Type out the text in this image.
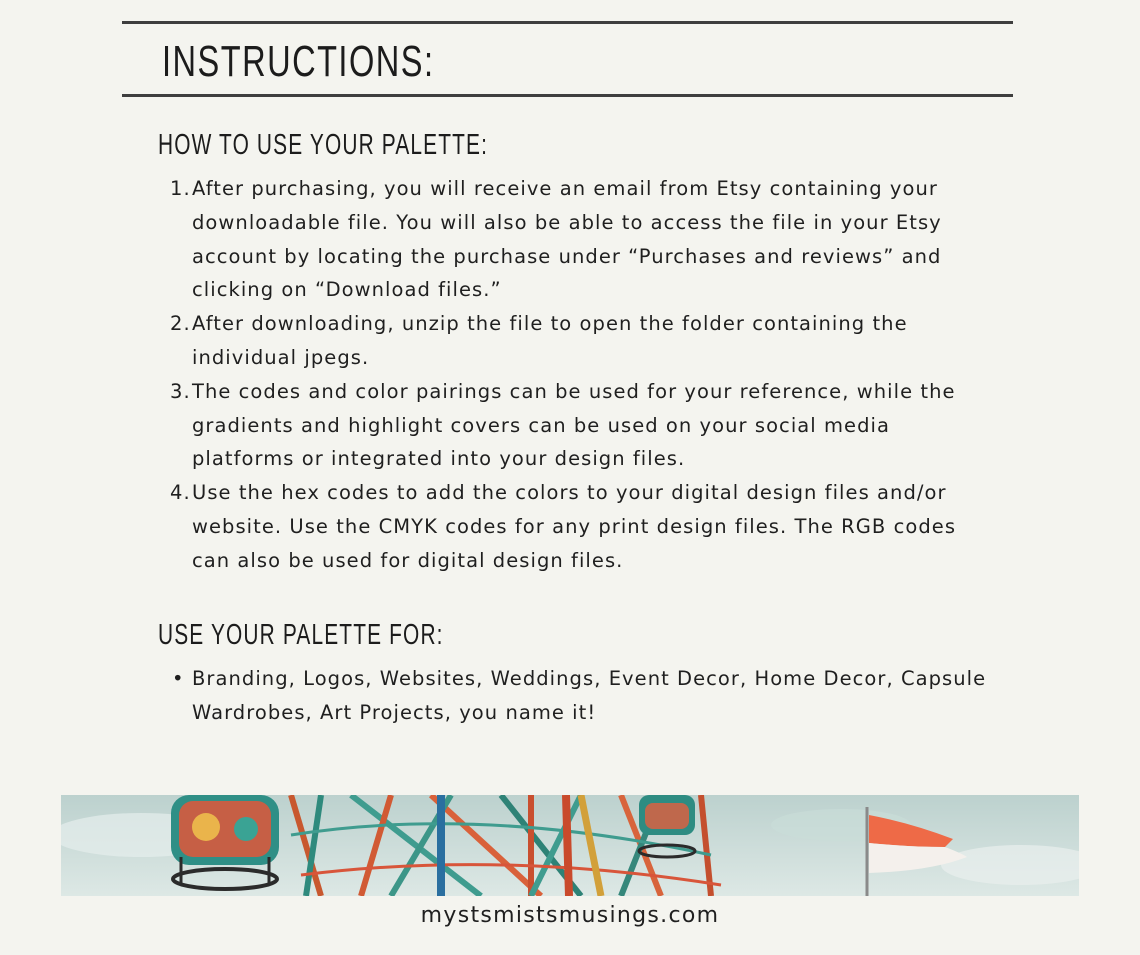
INSTRUCTIONS:
HOW TO USE YOUR PALETTE:
1. After purchasing, you will receive an email from Etsy containing your downloadable file. You will also be able to access the file in your Etsy account by locating the purchase under “Purchases and reviews” and clicking on “Download files.”
2. After downloading, unzip the file to open the folder containing the individual jpegs.
3. The codes and color pairings can be used for your reference, while the gradients and highlight covers can be used on your social media platforms or integrated into your design files.
4. Use the hex codes to add the colors to your digital design files and/or website. Use the CMYK codes for any print design files. The RGB codes can also be used for digital design files.
USE YOUR PALETTE FOR:
• Branding, Logos, Websites, Weddings, Event Decor, Home Decor, Capsule Wardrobes, Art Projects, you name it!

mystsmistsmusings.com
